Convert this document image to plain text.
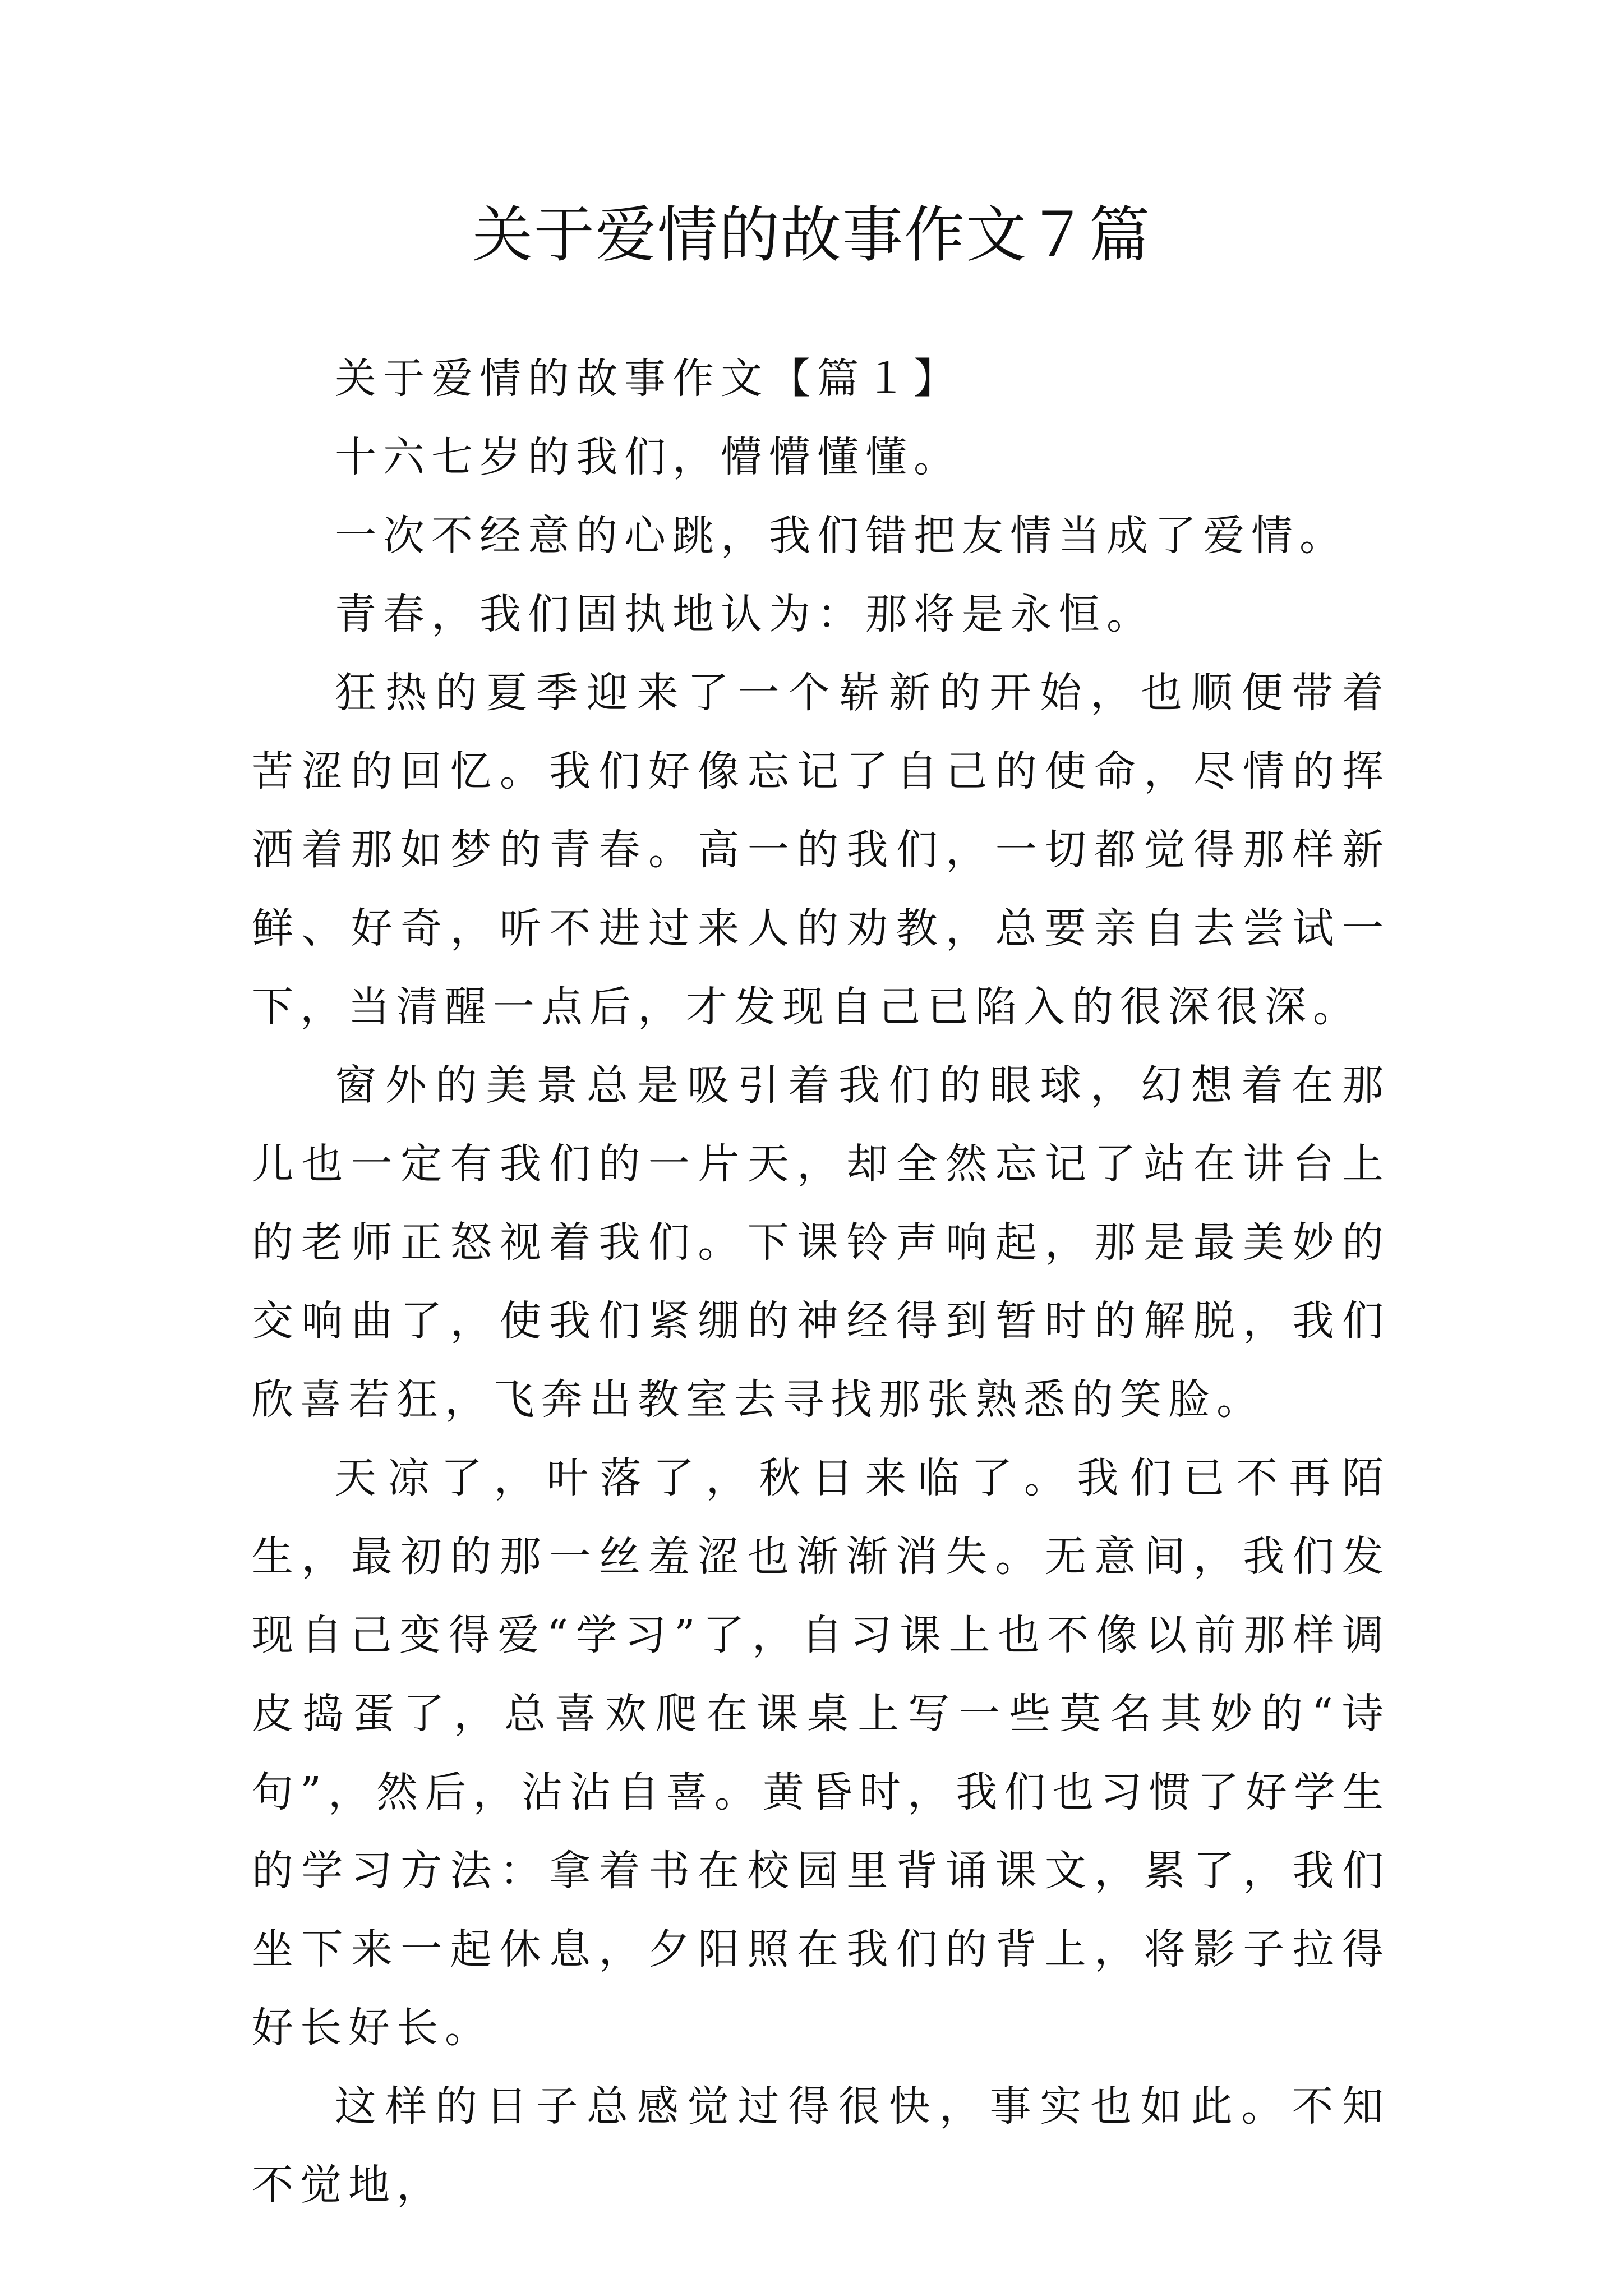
关于爱情的故事作文７篇

关于爱情的故事作文【篇１】

十六七岁的我们，懵懵懂懂。

一次不经意的心跳，我们错把友情当成了爱情。

青春，我们固执地认为：那将是永恒。

狂热的夏季迎来了一个崭新的开始，也顺便带着苦涩的回忆。我们好像忘记了自己的使命，尽情的挥洒着那如梦的青春。高一的我们，一切都觉得那样新鲜、好奇，听不进过来人的劝教，总要亲自去尝试一下，当清醒一点后，才发现自己已陷入的很深很深。

窗外的美景总是吸引着我们的眼球，幻想着在那儿也一定有我们的一片天，却全然忘记了站在讲台上的老师正怒视着我们。下课铃声响起，那是最美妙的交响曲了，使我们紧绷的神经得到暂时的解脱，我们欣喜若狂，飞奔出教室去寻找那张熟悉的笑脸。

天凉了，叶落了，秋日来临了。我们已不再陌生，最初的那一丝羞涩也渐渐消失。无意间，我们发现自己变得爱“学习”了，自习课上也不像以前那样调皮捣蛋了，总喜欢爬在课桌上写一些莫名其妙的“诗句”，然后，沾沾自喜。黄昏时，我们也习惯了好学生的学习方法：拿着书在校园里背诵课文，累了，我们坐下来一起休息，夕阳照在我们的背上，将影子拉得好长好长。

这样的日子总感觉过得很快，事实也如此。不知不觉地，
